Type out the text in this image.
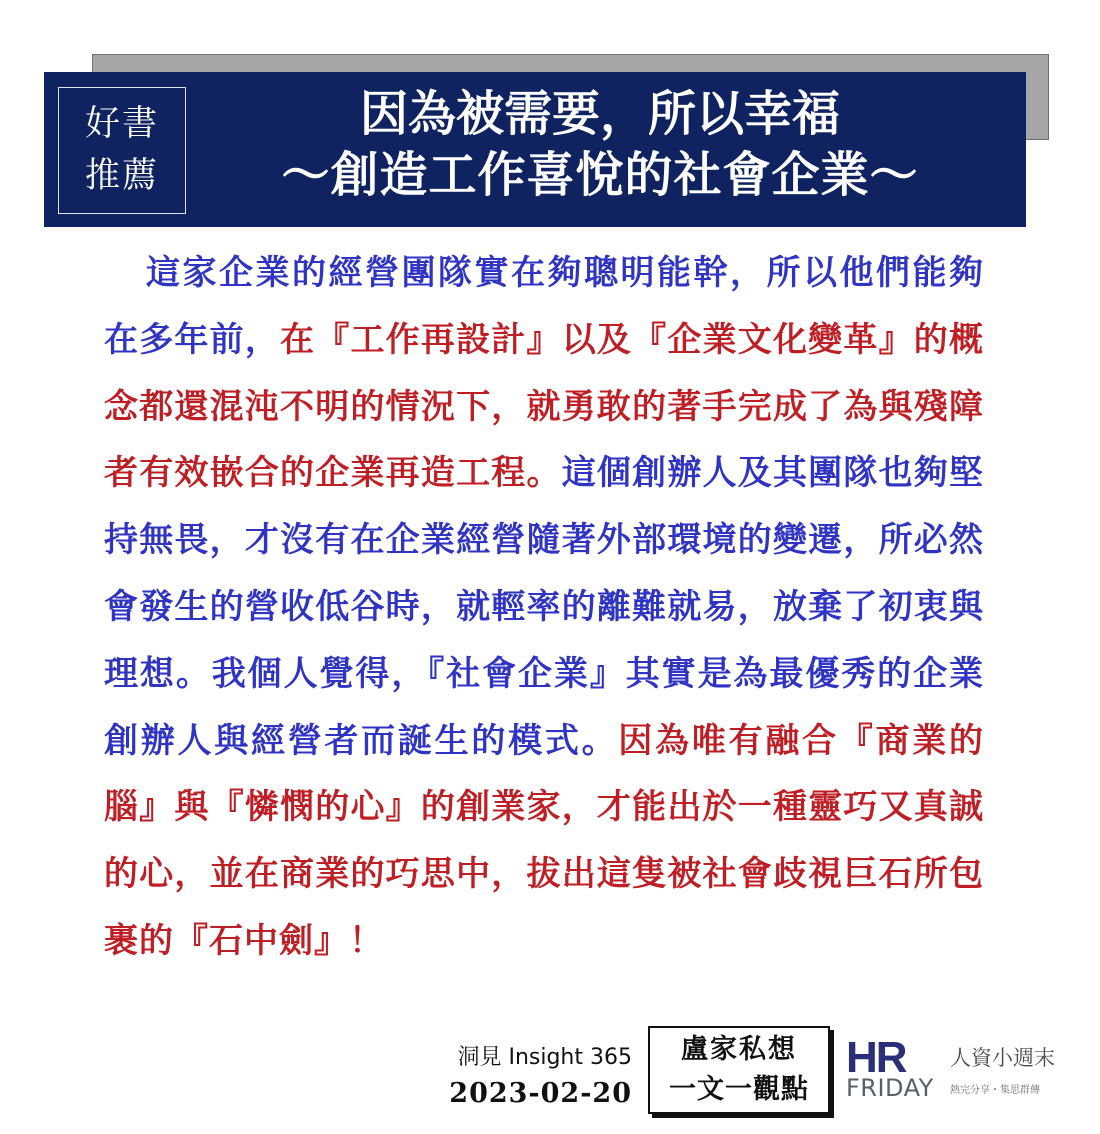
好書
推薦
因為被需要，所以幸福
～創造工作喜悅的社會企業～

這家企業的經營團隊實在夠聰明能幹，所以他們能夠在多年前，在『工作再設計』以及『企業文化變革』的概念都還混沌不明的情況下，就勇敢的著手完成了為與殘障者有效嵌合的企業再造工程。這個創辦人及其團隊也夠堅持無畏，才沒有在企業經營隨著外部環境的變遷，所必然會發生的營收低谷時，就輕率的離難就易，放棄了初衷與理想。我個人覺得，『社會企業』其實是為最優秀的企業創辦人與經營者而誕生的模式。因為唯有融合『商業的腦』與『憐憫的心』的創業家，才能出於一種靈巧又真誠的心，並在商業的巧思中，拔出這隻被社會歧視巨石所包裹的『石中劍』！

洞見 Insight 365
2023-02-20
盧家私想
一文一觀點
HR
FRIDAY
人資小週末
熱完分享・集思群傳
